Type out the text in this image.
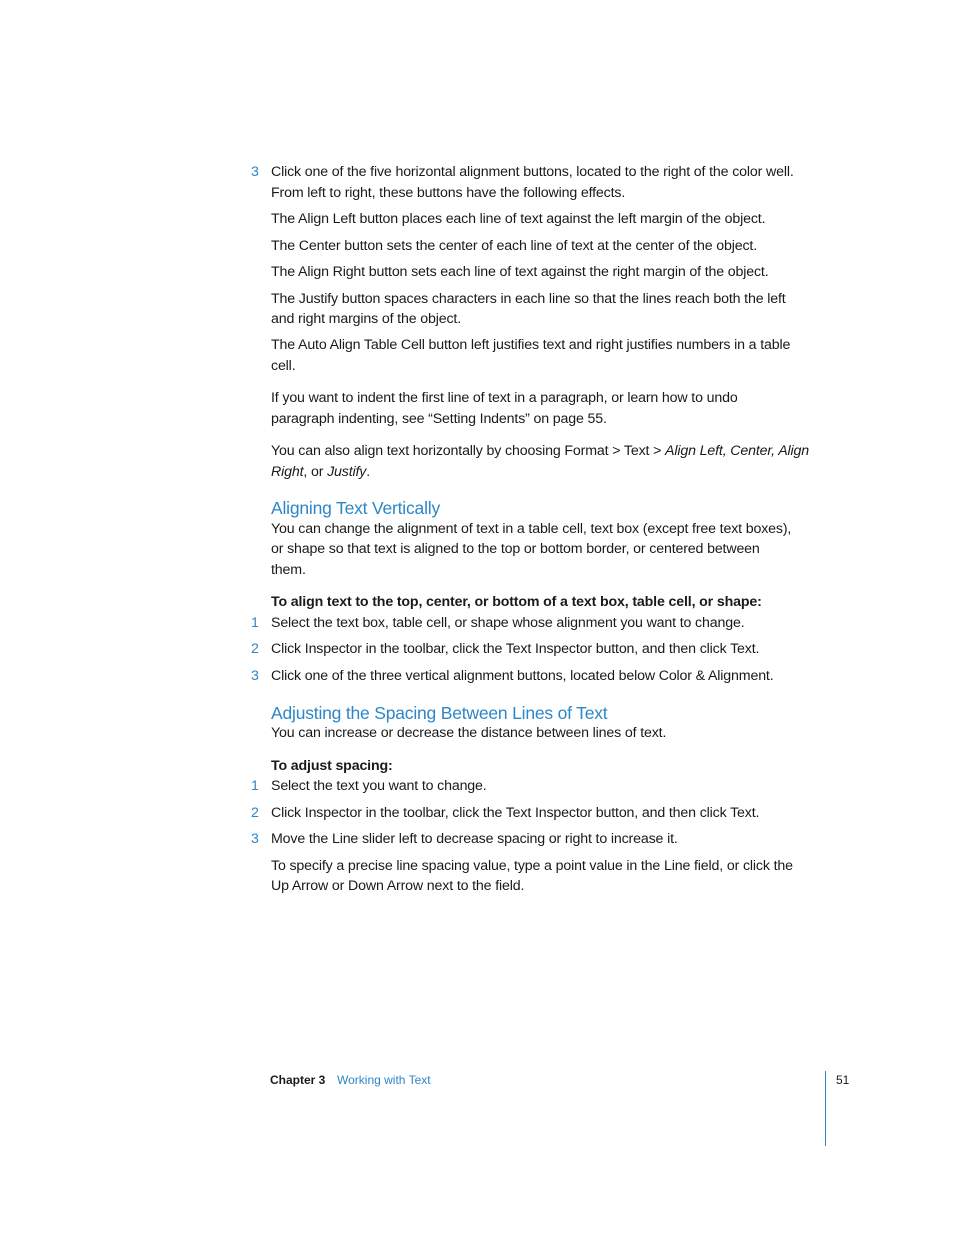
3 Click one of the five horizontal alignment buttons, located to the right of the color well.
From left to right, these buttons have the following effects.
The Align Left button places each line of text against the left margin of the object.
The Center button sets the center of each line of text at the center of the object.
The Align Right button sets each line of text against the right margin of the object.
The Justify button spaces characters in each line so that the lines reach both the left
and right margins of the object.
The Auto Align Table Cell button left justifies text and right justifies numbers in a table
cell.
If you want to indent the first line of text in a paragraph, or learn how to undo
paragraph indenting, see “Setting Indents” on page 55.
You can also align text horizontally by choosing Format > Text > Align Left, Center, Align
Right, or Justify.
Aligning Text Vertically
You can change the alignment of text in a table cell, text box (except free text boxes),
or shape so that text is aligned to the top or bottom border, or centered between
them.
To align text to the top, center, or bottom of a text box, table cell, or shape:
1 Select the text box, table cell, or shape whose alignment you want to change.
2 Click Inspector in the toolbar, click the Text Inspector button, and then click Text.
3 Click one of the three vertical alignment buttons, located below Color & Alignment.
Adjusting the Spacing Between Lines of Text
You can increase or decrease the distance between lines of text.
To adjust spacing:
1 Select the text you want to change.
2 Click Inspector in the toolbar, click the Text Inspector button, and then click Text.
3 Move the Line slider left to decrease spacing or right to increase it.
To specify a precise line spacing value, type a point value in the Line field, or click the
Up Arrow or Down Arrow next to the field.
Chapter 3 Working with Text	51
